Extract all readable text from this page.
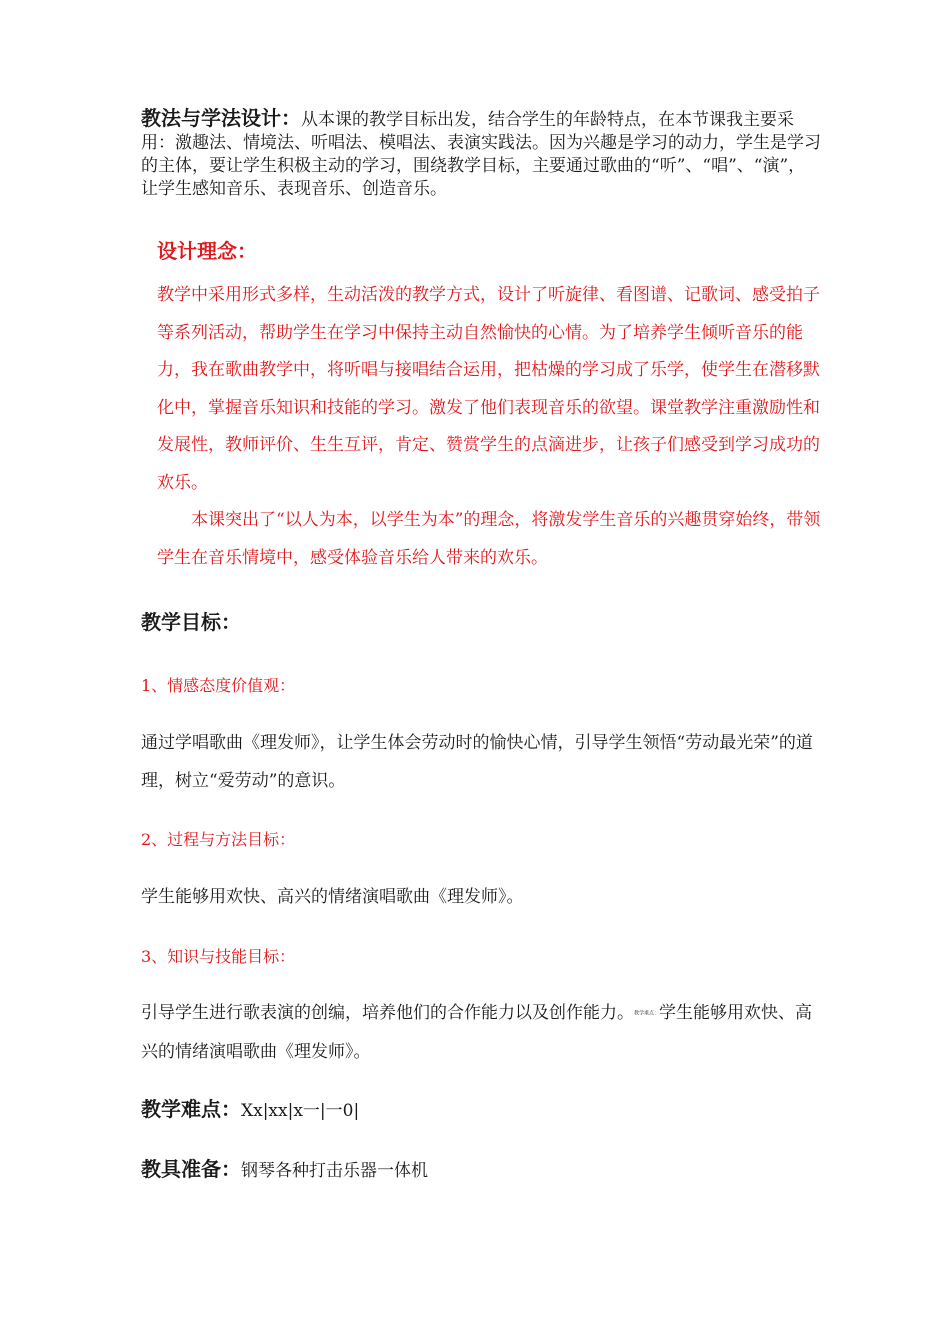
教法与学法设计：从本课的教学目标出发，结合学生的年龄特点，在本节课我主要采用：激趣法、情境法、听唱法、模唱法、表演实践法。因为兴趣是学习的动力，学生是学习的主体，要让学生积极主动的学习，围绕教学目标，主要通过歌曲的“听”、“唱”、“演”，让学生感知音乐、表现音乐、创造音乐。
设计理念：

教学中采用形式多样，生动活泼的教学方式，设计了听旋律、看图谱、记歌词、感受拍子等系列活动，帮助学生在学习中保持主动自然愉快的心情。为了培养学生倾听音乐的能力，我在歌曲教学中，将听唱与接唱结合运用，把枯燥的学习成了乐学，使学生在潜移默化中，掌握音乐知识和技能的学习。激发了他们表现音乐的欲望。课堂教学注重激励性和发展性，教师评价、生生互评，肯定、赞赏学生的点滴进步，让孩子们感受到学习成功的欢乐。

本课突出了“以人为本，以学生为本”的理念，将激发学生音乐的兴趣贯穿始终，带领学生在音乐情境中，感受体验音乐给人带来的欢乐。

教学目标：
1、情感态度价值观：
通过学唱歌曲《理发师》，让学生体会劳动时的愉快心情，引导学生领悟“劳动最光荣”的道理，树立“爱劳动”的意识。
2、过程与方法目标：
学生能够用欢快、高兴的情绪演唱歌曲《理发师》。
3、知识与技能目标：
引导学生进行歌表演的创编，培养他们的合作能力以及创作能力。教学重点：学生能够用欢快、高兴的情绪演唱歌曲《理发师》。
教学难点：Xx|xx|x一|一0|
教具准备：钢琴各种打击乐器一体机
